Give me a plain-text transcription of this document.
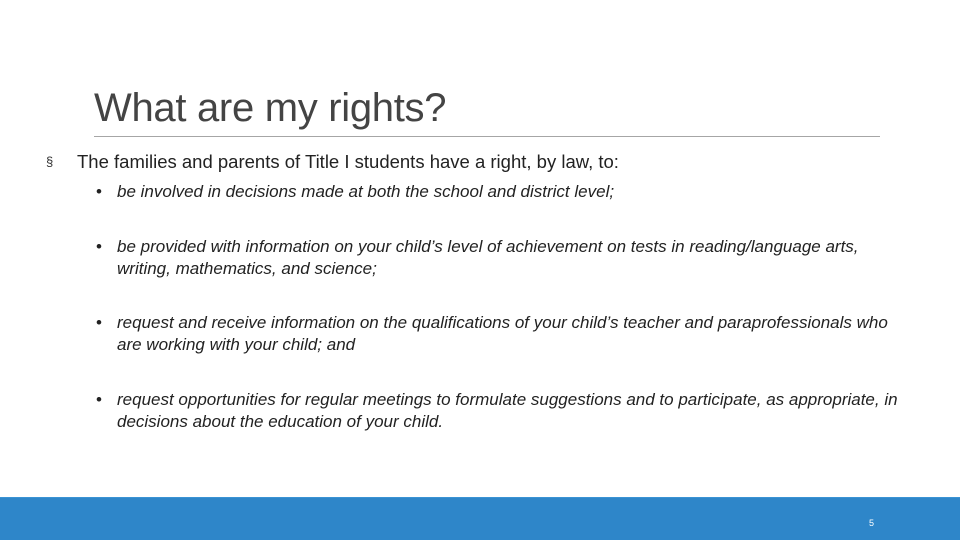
What are my rights?
§ The families and parents of Title I students have a right, by law, to:
• be involved in decisions made at both the school and district level;
• be provided with information on your child’s level of achievement on tests in reading/language arts, writing, mathematics, and science;
• request and receive information on the qualifications of your child’s teacher and paraprofessionals who are working with your child; and
• request opportunities for regular meetings to formulate suggestions and to participate, as appropriate, in decisions about the education of your child.
5
